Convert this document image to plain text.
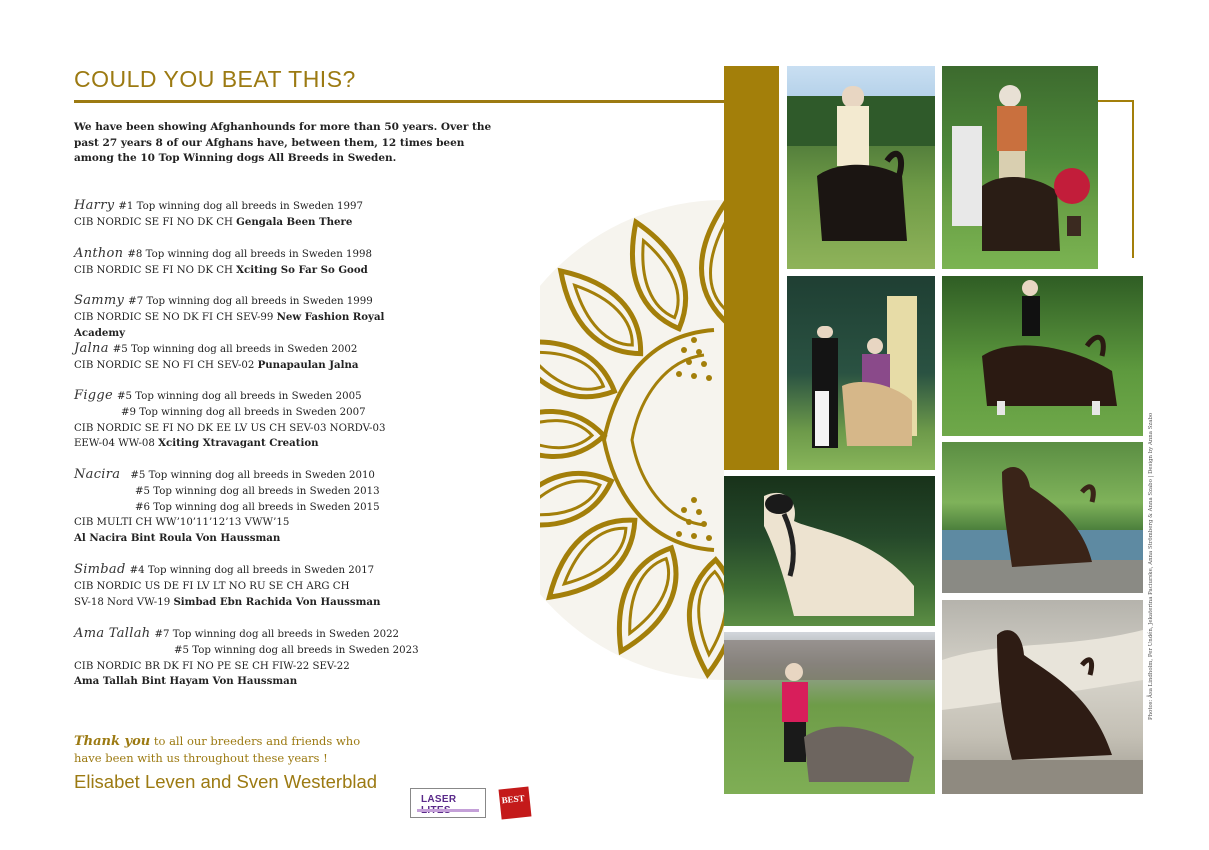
COULD YOU BEAT THIS?
We have been showing Afghanhounds for more than 50 years. Over the past 27 years 8 of our Afghans have, between them, 12 times been among the 10 Top Winning dogs All Breeds in Sweden.
Harry #1 Top winning dog all breeds in Sweden 1997
CIB NORDIC SE FI NO DK CH Gengala Been There
Anthon #8 Top winning dog all breeds in Sweden 1998
CIB NORDIC SE FI NO DK CH Xciting So Far So Good
Sammy #7 Top winning dog all breeds in Sweden 1999
CIB NORDIC SE NO DK FI CH SEV-99 New Fashion Royal Academy
Jalna #5 Top winning dog all breeds in Sweden 2002
CIB NORDIC SE NO FI CH SEV-02 Punapaulan Jalna
Figge #5 Top winning dog all breeds in Sweden 2005
#9 Top winning dog all breeds in Sweden 2007
CIB NORDIC SE FI NO DK EE LV US CH SEV-03 NORDV-03
EEW-04 WW-08 Xciting Xtravagant Creation
Nacira #5 Top winning dog all breeds in Sweden 2010
#5 Top winning dog all breeds in Sweden 2013
#6 Top winning dog all breeds in Sweden 2015
CIB MULTI CH WW’10’11’12’13 VWW’15
Al Nacira Bint Roula Von Haussman
Simbad #4 Top winning dog all breeds in Sweden 2017
CIB NORDIC US DE FI LV LT NO RU SE CH ARG CH
SV-18 Nord VW-19 Simbad Ebn Rachida Von Haussman
Ama Tallah #7 Top winning dog all breeds in Sweden 2022
#5 Top winning dog all breeds in Sweden 2023
CIB NORDIC BR DK FI NO PE SE CH FIW-22 SEV-22
Ama Tallah Bint Hayam Von Haussman
Thank you to all our breeders and friends who
have been with us throughout these years !
Elisabet Leven and Sven Westerblad
LASER	BEST
Photos: Åsa Lindholm, Per Undén, Jekaterina Paciurske, Anna Strömberg & Anna Szabo | Design by Anna Szabo
